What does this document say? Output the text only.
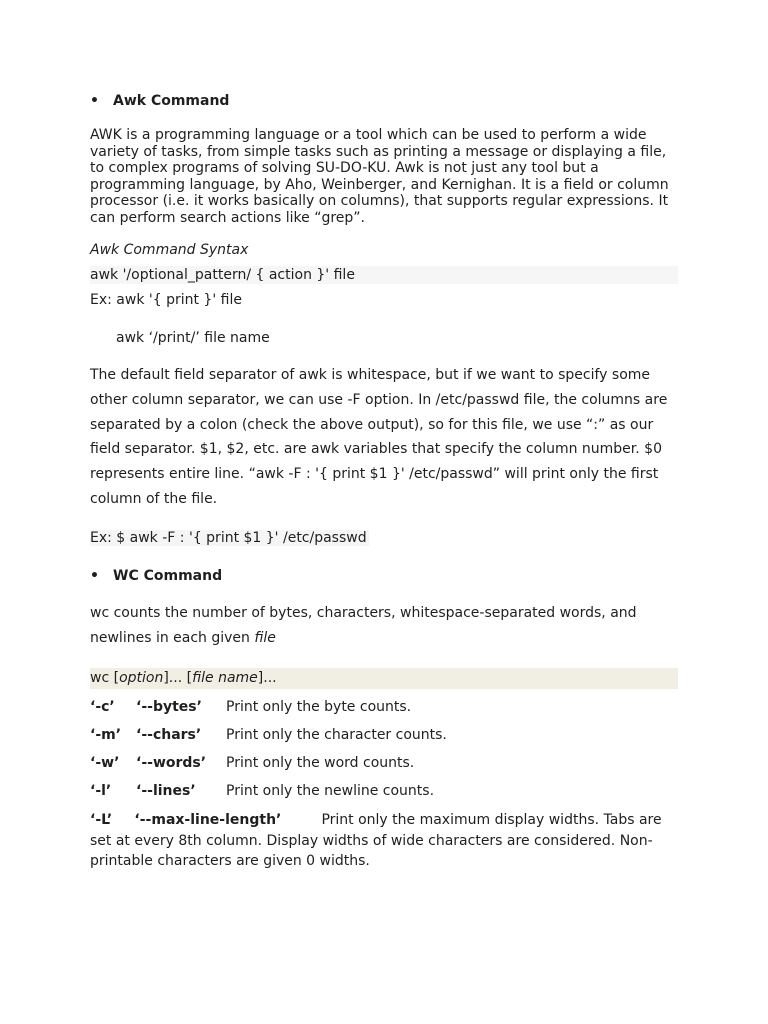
• Awk Command
AWK is a programming language or a tool which can be used to perform a wide variety of tasks, from simple tasks such as printing a message or displaying a file, to complex programs of solving SU-DO-KU. Awk is not just any tool but a programming language, by Aho, Weinberger, and Kernighan. It is a field or column processor (i.e. it works basically on columns), that supports regular expressions. It can perform search actions like “grep”.
Awk Command Syntax
awk '/optional_pattern/ { action }' file
Ex: awk '{ print }' file
awk ‘/print/’ file name
The default field separator of awk is whitespace, but if we want to specify some other column separator, we can use -F option. In /etc/passwd file, the columns are separated by a colon (check the above output), so for this file, we use “:” as our field separator. $1, $2, etc. are awk variables that specify the column number. $0 represents entire line. “awk -F : '{ print $1 }' /etc/passwd” will print only the first column of the file.
Ex: $ awk -F : '{ print $1 }' /etc/passwd
• WC Command
wc counts the number of bytes, characters, whitespace-separated words, and newlines in each given file
wc [option]... [file name]...
‘-c’ ‘--bytes’ Print only the byte counts.
‘-m’ ‘--chars’ Print only the character counts.
‘-w’ ‘--words’ Print only the word counts.
‘-l’ ‘--lines’ Print only the newline counts.
‘-L’ ‘--max-line-length’	Print only the maximum display widths. Tabs are set at every 8th column. Display widths of wide characters are considered. Non-printable characters are given 0 widths.
